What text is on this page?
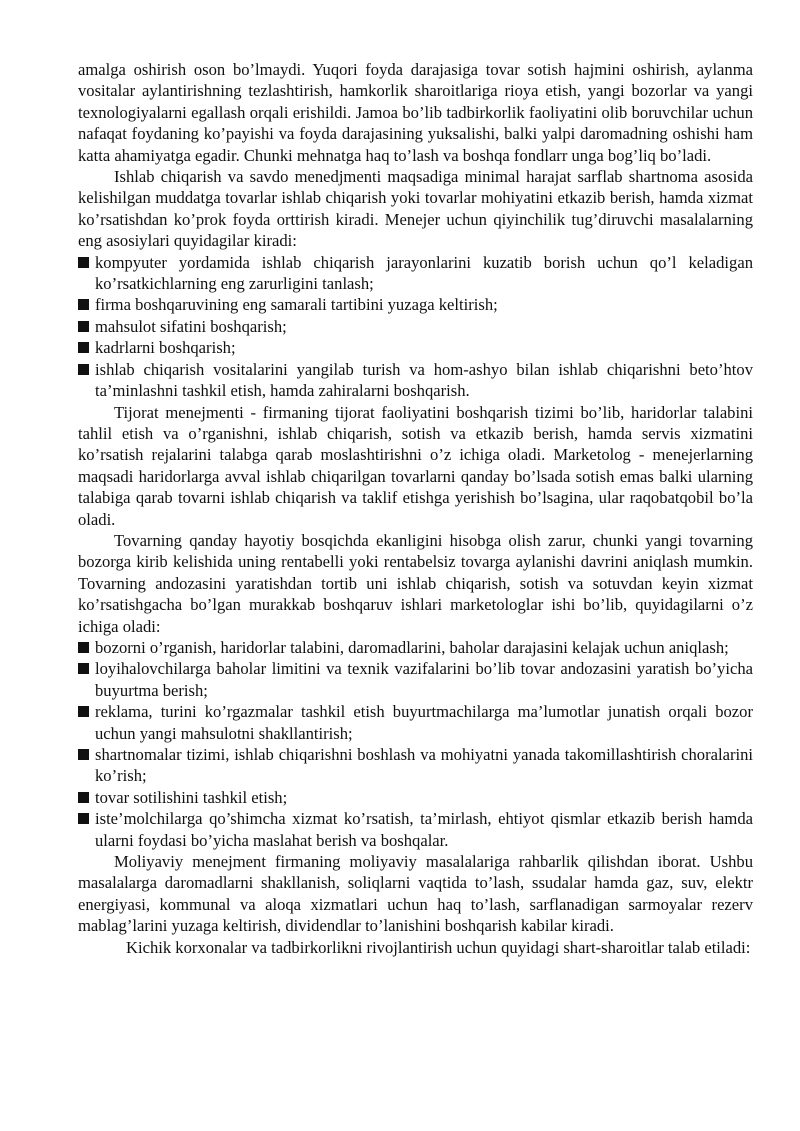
amalga oshirish oson bo’lmaydi. Yuqori foyda darajasiga tovar sotish hajmini oshirish, aylanma vositalar aylantirishning tezlashtirish, hamkorlik sharoitlariga rioya etish, yangi bozorlar va yangi texnologiyalarni egallash orqali erishildi. Jamoa bo’lib tadbirkorlik faoliyatini olib boruvchilar uchun nafaqat foydaning ko’payishi va foyda darajasining yuksalishi, balki yalpi daromadning oshishi ham katta ahamiyatga egadir. Chunki mehnatga haq to’lash va boshqa fondlarr unga bog’liq bo’ladi.

Ishlab chiqarish va savdo menedjmenti maqsadiga minimal harajat sarflab shartnoma asosida kelishilgan muddatga tovarlar ishlab chiqarish yoki tovarlar mohiyatini etkazib berish, hamda xizmat ko’rsatishdan ko’prok foyda orttirish kiradi. Menejer uchun qiyinchilik tug’diruvchi masalalarning eng asosiylari quyidagilar kiradi:

kompyuter yordamida ishlab chiqarish jarayonlarini kuzatib borish uchun qo’l keladigan ko’rsatkichlarning eng zarurligini tanlash;
firma boshqaruvining eng samarali tartibini yuzaga keltirish;
mahsulot sifatini boshqarish;
kadrlarni boshqarish;
ishlab chiqarish vositalarini yangilab turish va hom-ashyo bilan ishlab chiqarishni beto’htov ta’minlashni tashkil etish, hamda zahiralarni boshqarish.

Tijorat menejmenti - firmaning tijorat faoliyatini boshqarish tizimi bo’lib, haridorlar talabini tahlil etish va o’rganishni, ishlab chiqarish, sotish va etkazib berish, hamda servis xizmatini ko’rsatish rejalarini talabga qarab moslashtirishni o’z ichiga oladi. Marketolog - menejerlarning maqsadi haridorlarga avval ishlab chiqarilgan tovarlarni qanday bo’lsada sotish emas balki ularning talabiga qarab tovarni ishlab chiqarish va taklif etishga yerishish bo’lsagina, ular raqobatqobil bo’la oladi.

Tovarning qanday hayotiy bosqichda ekanligini hisobga olish zarur, chunki yangi tovarning bozorga kirib kelishida uning rentabelli yoki rentabelsiz tovarga aylanishi davrini aniqlash mumkin. Tovarning andozasini yaratishdan tortib uni ishlab chiqarish, sotish va sotuvdan keyin xizmat ko’rsatishgacha bo’lgan murakkab boshqaruv ishlari marketologlar ishi bo’lib, quyidagilarni o’z ichiga oladi:

bozorni o’rganish, haridorlar talabini, daromadlarini, baholar darajasini kelajak uchun aniqlash;
loyihalovchilarga baholar limitini va texnik vazifalarini bo’lib tovar andozasini yaratish bo’yicha buyurtma berish;
reklama, turini ko’rgazmalar tashkil etish buyurtmachilarga ma’lumotlar junatish orqali bozor uchun yangi mahsulotni shakllantirish;
shartnomalar tizimi, ishlab chiqarishni boshlash va mohiyatni yanada takomillashtirish choralarini ko’rish;
tovar sotilishini tashkil etish;
iste’molchilarga qo’shimcha xizmat ko’rsatish, ta’mirlash, ehtiyot qismlar etkazib berish hamda ularni foydasi bo’yicha maslahat berish va boshqalar.

Moliyaviy menejment firmaning moliyaviy masalalariga rahbarlik qilishdan iborat. Ushbu masalalarga daromadlarni shakllanish, soliqlarni vaqtida to’lash, ssudalar hamda gaz, suv, elektr energiyasi, kommunal va aloqa xizmatlari uchun haq to’lash, sarflanadigan sarmoyalar rezerv mablag’larini yuzaga keltirish, dividendlar to’lanishini boshqarish kabilar kiradi.

Kichik korxonalar va tadbirkorlikni rivojlantirish uchun quyidagi shart-sharoitlar talab etiladi:
